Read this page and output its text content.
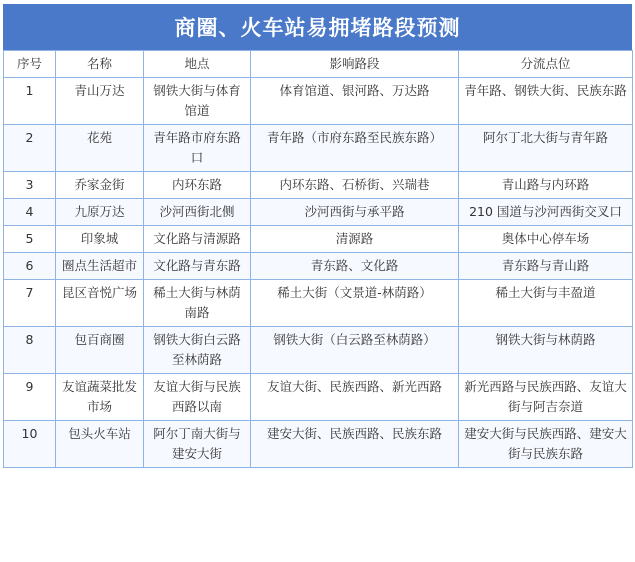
商圈、火车站易拥堵路段预测
序号	名称	地点	影响路段	分流点位
1	青山万达	钢铁大街与体育馆道	体育馆道、银河路、万达路	青年路、钢铁大街、民族东路
2	花苑	青年路市府东路口	青年路（市府东路至民族东路）	阿尔丁北大街与青年路
3	乔家金街	内环东路	内环东路、石桥街、兴瑞巷	青山路与内环路
4	九原万达	沙河西街北侧	沙河西街与承平路	210 国道与沙河西街交叉口
5	印象城	文化路与清源路	清源路	奥体中心停车场
6	圈点生活超市	文化路与青东路	青东路、文化路	青东路与青山路
7	昆区音悦广场	稀土大街与林荫南路	稀土大街（文景道-林荫路）	稀土大街与丰盈道
8	包百商圈	钢铁大街白云路至林荫路	钢铁大街（白云路至林荫路）	钢铁大街与林荫路
9	友谊蔬菜批发市场	友谊大街与民族西路以南	友谊大街、民族西路、新光西路	新光西路与民族西路、友谊大街与阿吉奈道
10	包头火车站	阿尔丁南大街与建安大街	建安大街、民族西路、民族东路	建安大街与民族西路、建安大街与民族东路
